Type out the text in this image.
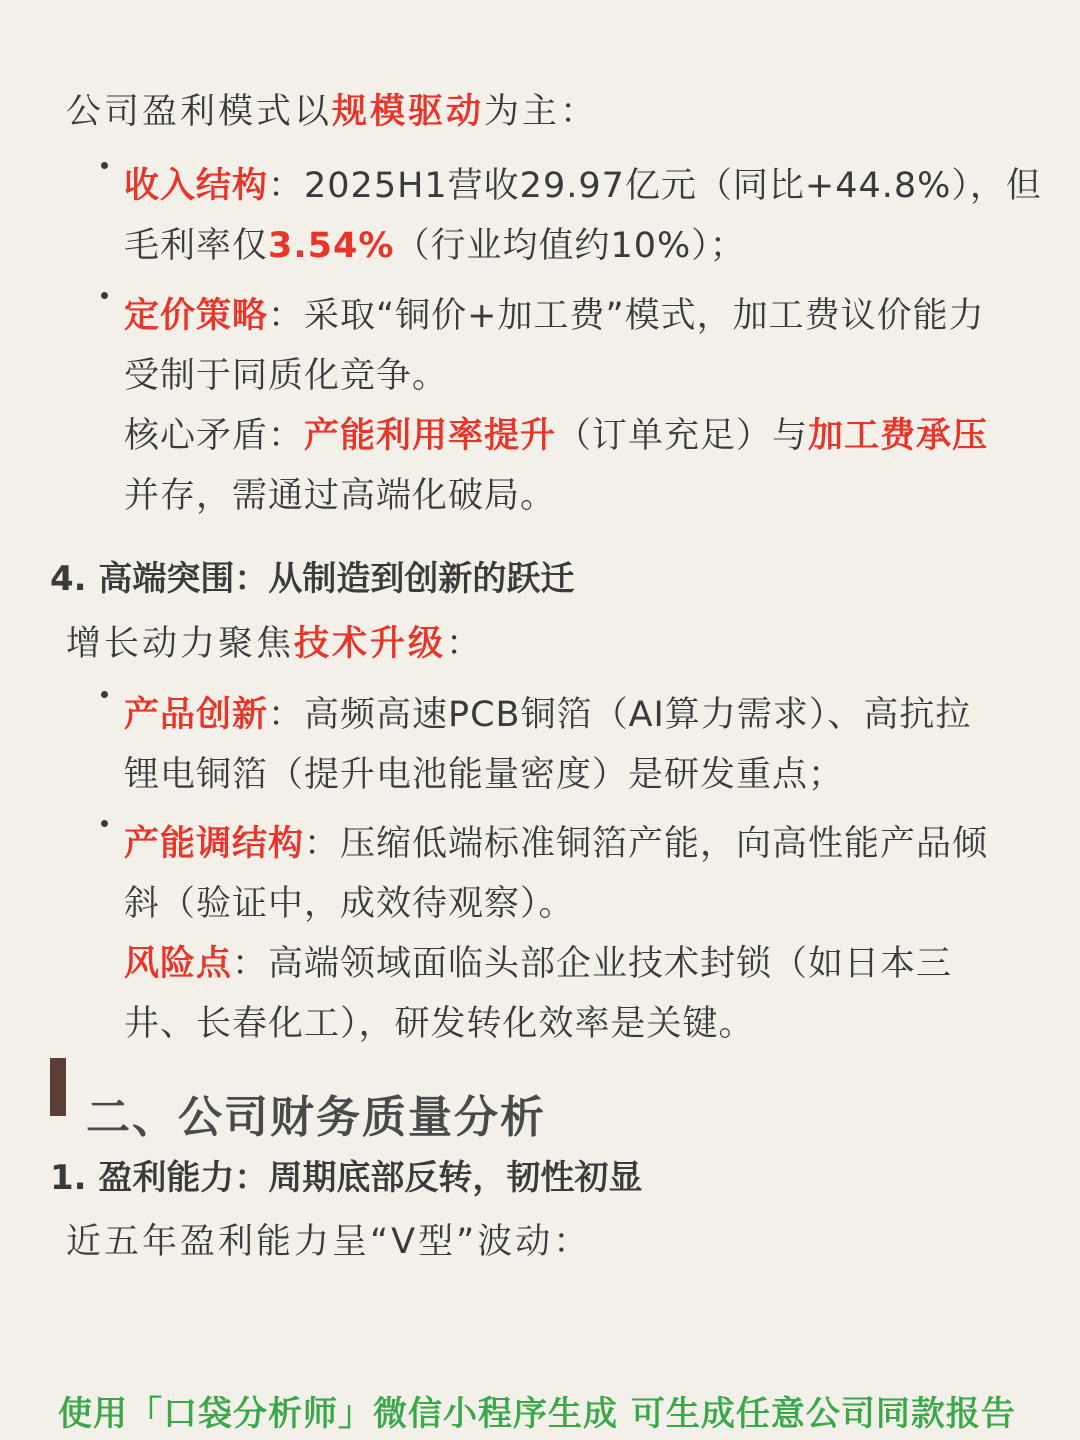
公司盈利模式以规模驱动为主：
收入结构：2025H1营收29.97亿元（同比+44.8%），但
毛利率仅3.54%（行业均值约10%）；
定价策略：采取“铜价+加工费”模式，加工费议价能力
受制于同质化竞争。
核心矛盾：产能利用率提升（订单充足）与加工费承压
并存，需通过高端化破局。
4. 高端突围：从制造到创新的跃迁
增长动力聚焦技术升级：
产品创新：高频高速PCB铜箔（AI算力需求）、高抗拉
锂电铜箔（提升电池能量密度）是研发重点；
产能调结构：压缩低端标准铜箔产能，向高性能产品倾
斜（验证中，成效待观察）。
风险点：高端领域面临头部企业技术封锁（如日本三
井、长春化工），研发转化效率是关键。
二、公司财务质量分析
1. 盈利能力：周期底部反转，韧性初显
近五年盈利能力呈“V型”波动：
使用「口袋分析师」微信小程序生成 可生成任意公司同款报告
